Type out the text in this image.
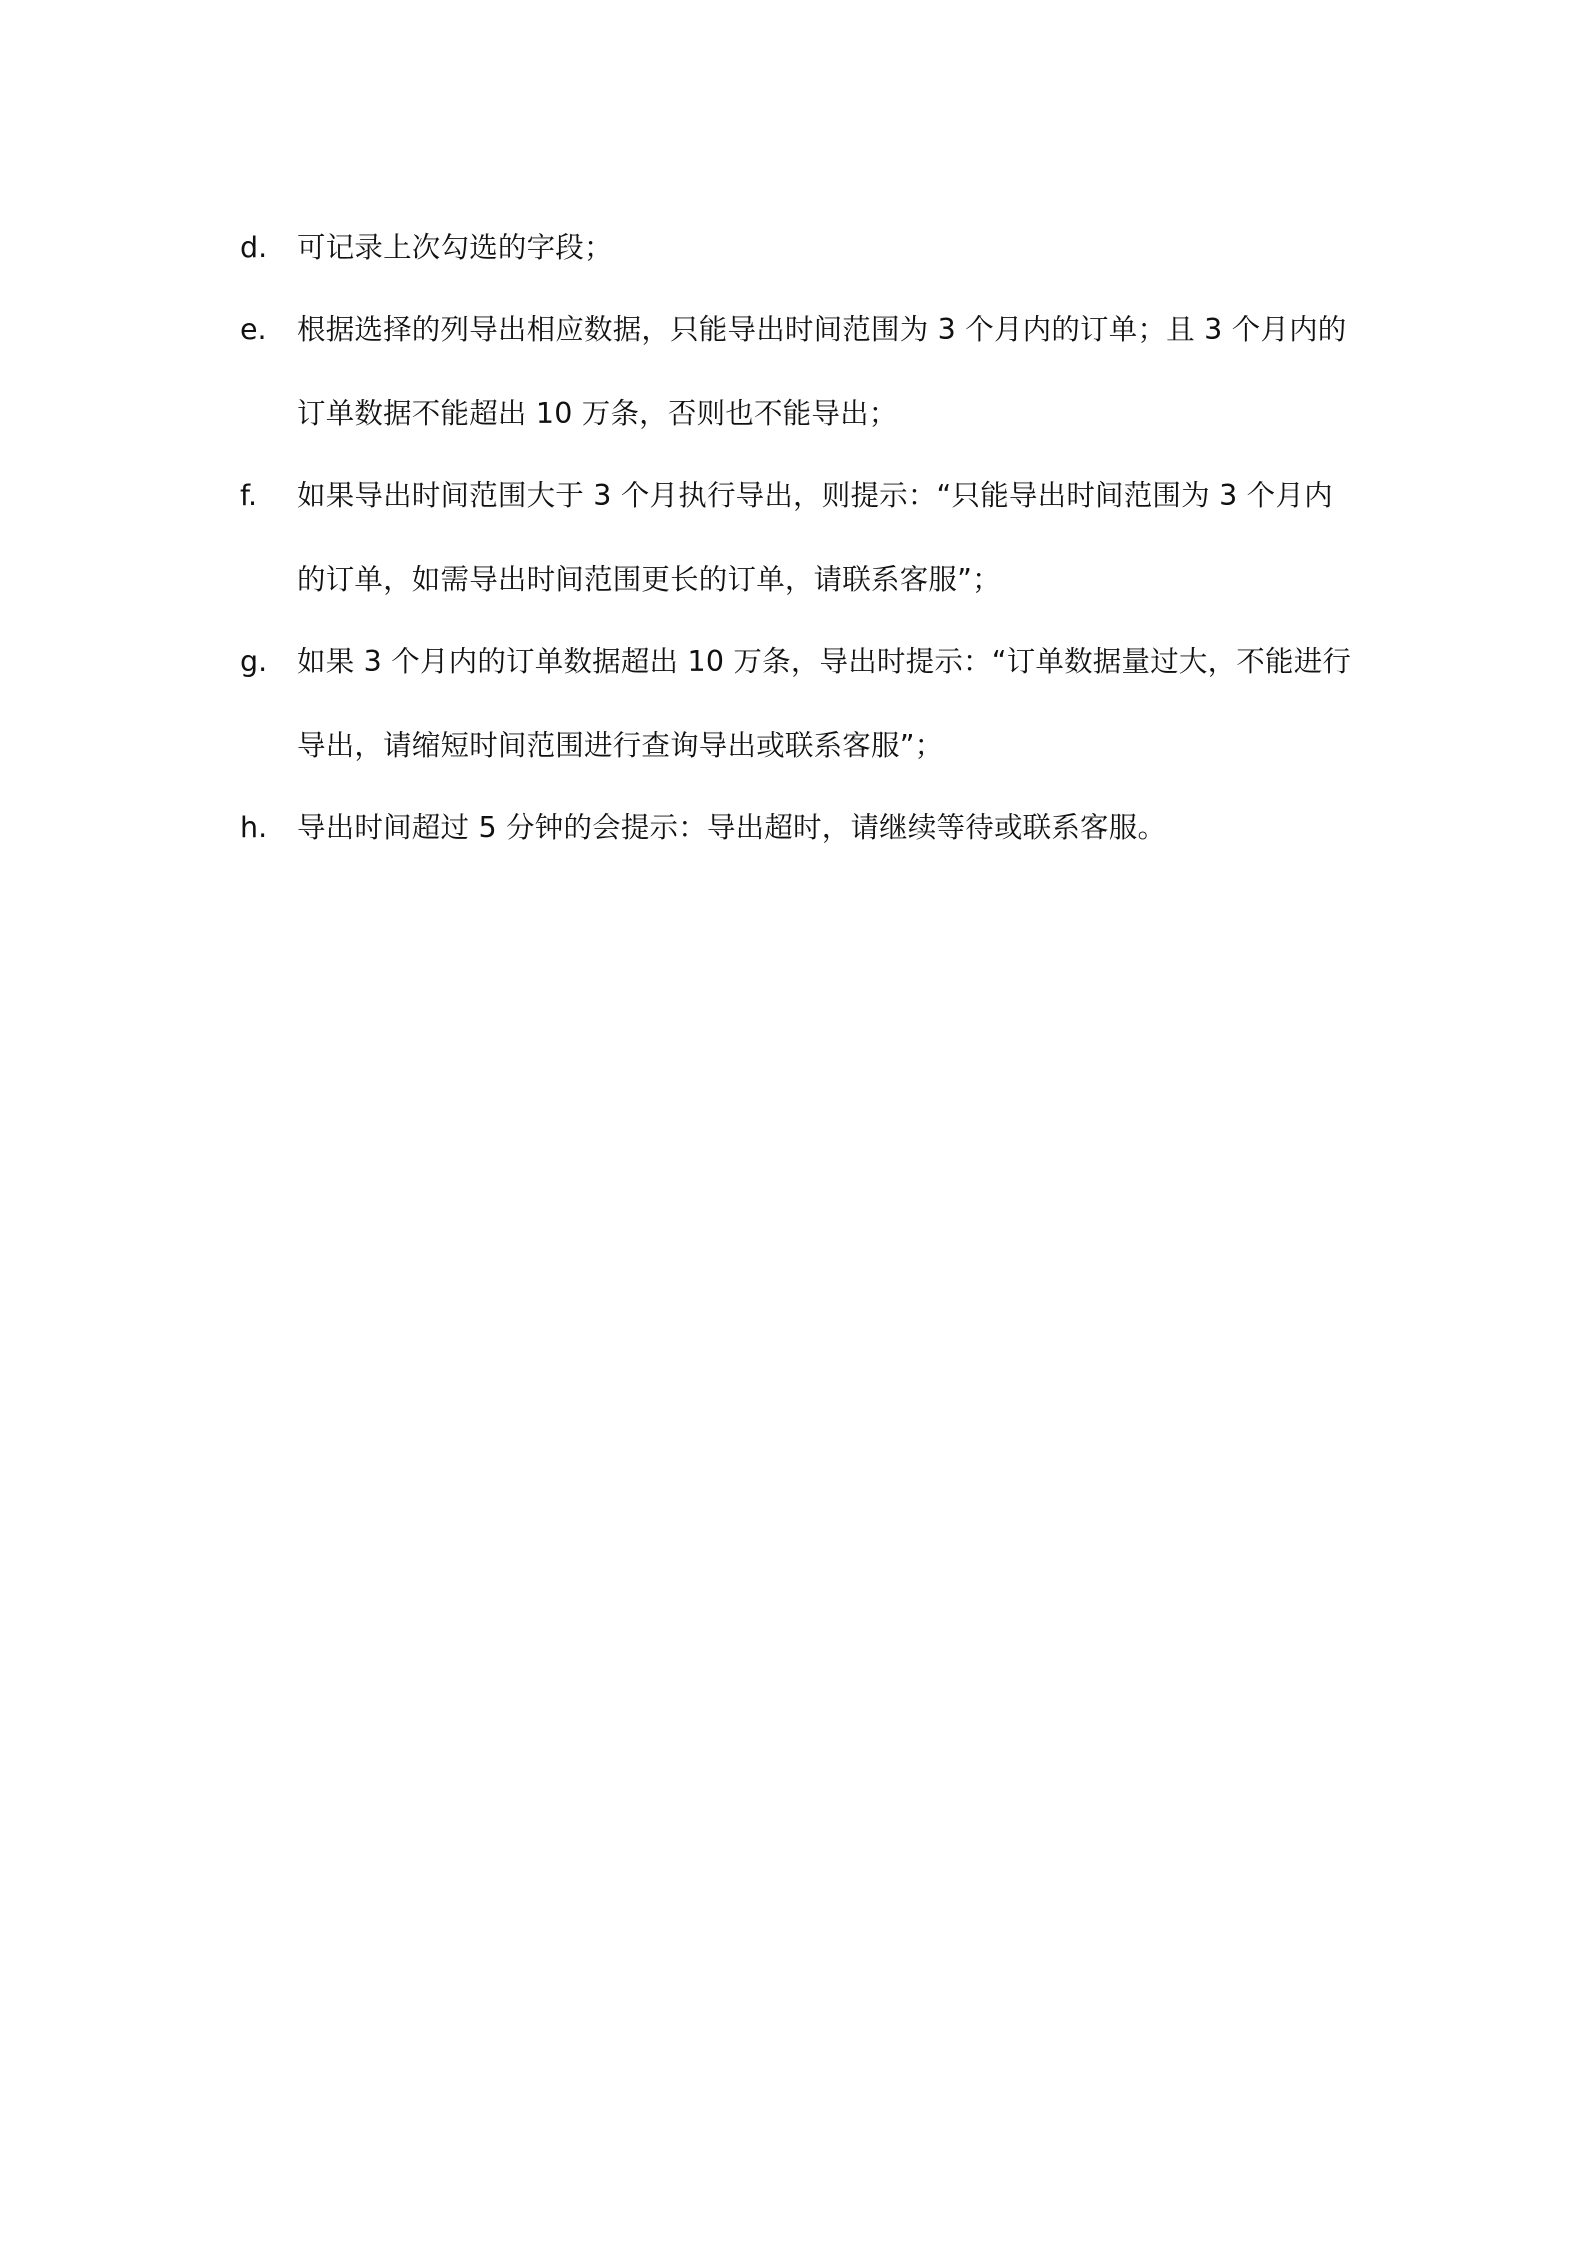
d. 可记录上次勾选的字段；
e. 根据选择的列导出相应数据，只能导出时间范围为 3 个月内的订单；且 3 个月内的订单数据不能超出 10 万条，否则也不能导出；
f. 如果导出时间范围大于 3 个月执行导出，则提示：“只能导出时间范围为 3 个月内的订单，如需导出时间范围更长的订单，请联系客服”；
g. 如果 3 个月内的订单数据超出 10 万条，导出时提示：“订单数据量过大，不能进行导出，请缩短时间范围进行查询导出或联系客服”；
h. 导出时间超过 5 分钟的会提示：导出超时，请继续等待或联系客服。
